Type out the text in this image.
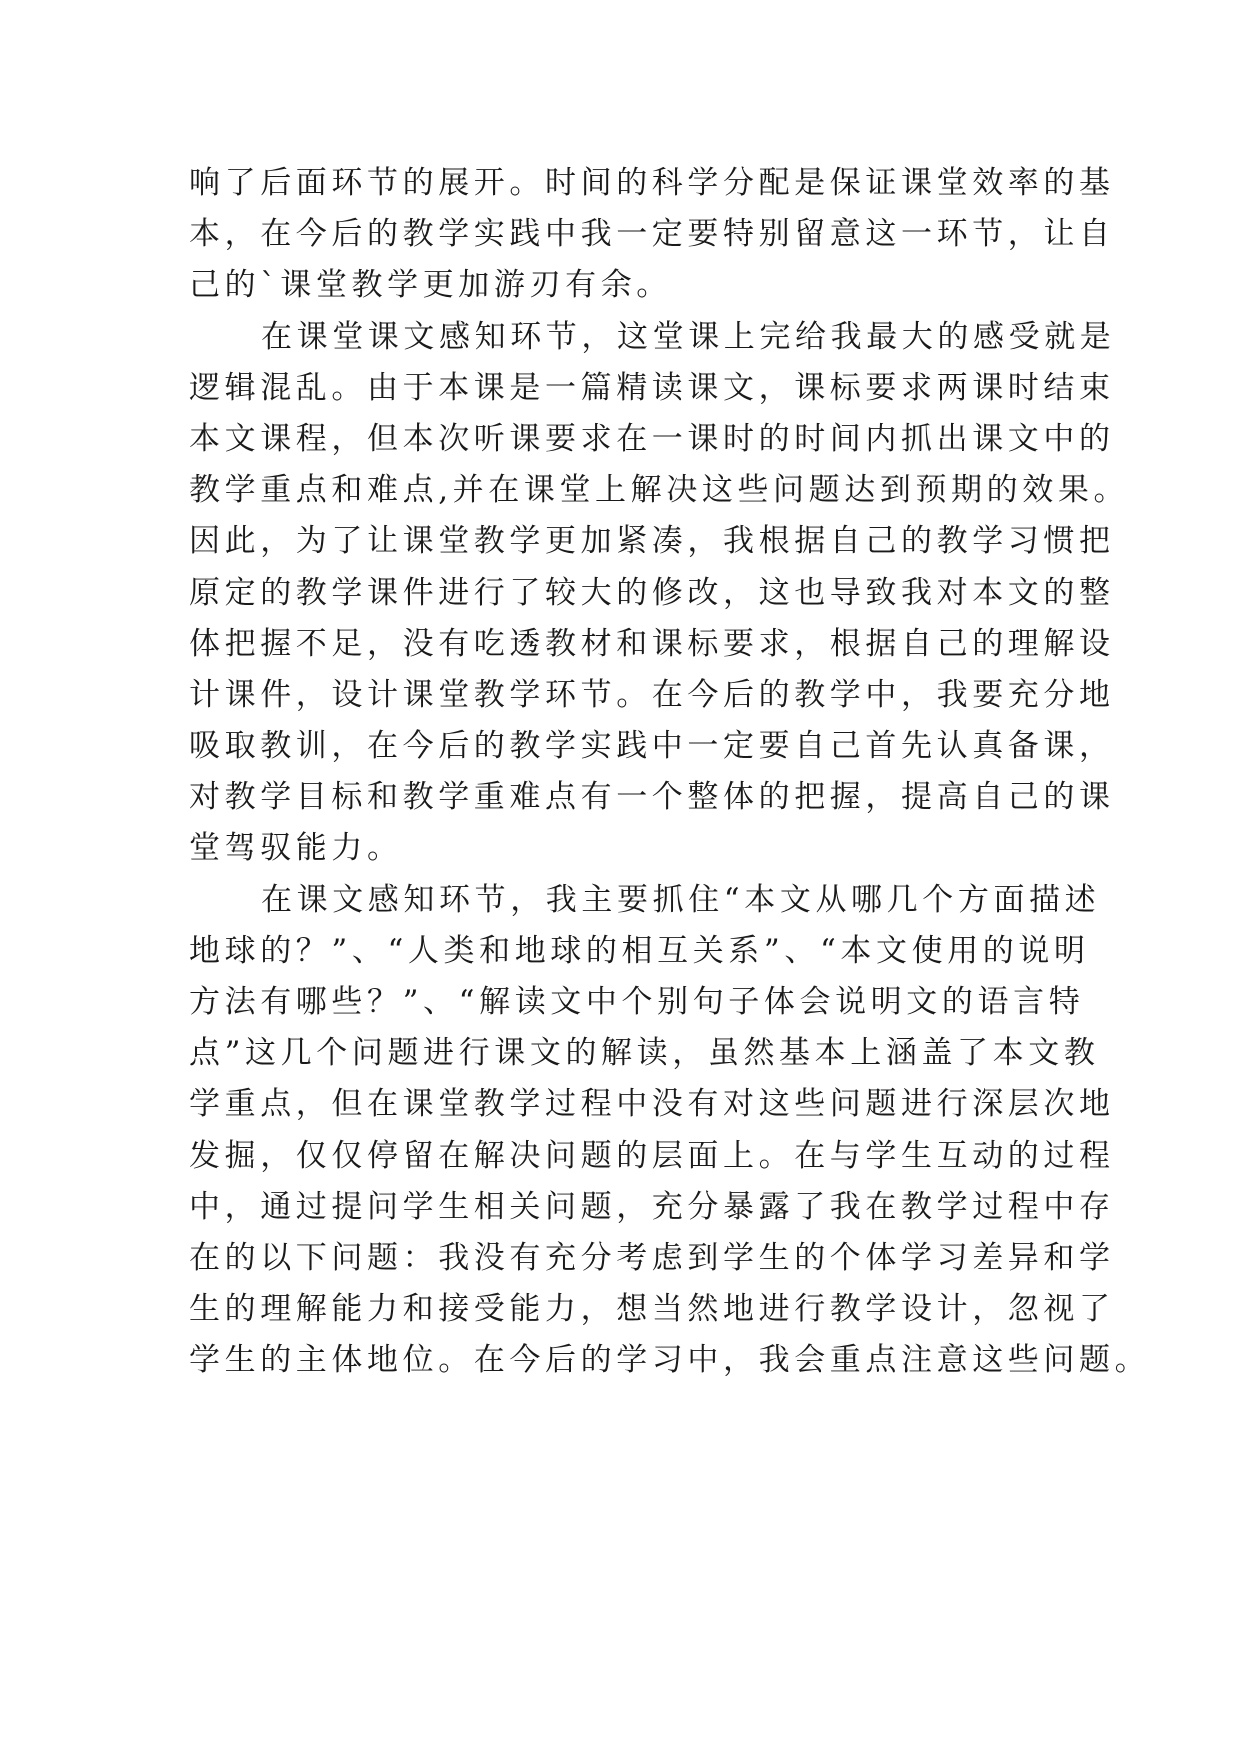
响了后面环节的展开。时间的科学分配是保证课堂效率的基
本，在今后的教学实践中我一定要特别留意这一环节，让自
己的`课堂教学更加游刃有余。
在课堂课文感知环节，这堂课上完给我最大的感受就是
逻辑混乱。由于本课是一篇精读课文，课标要求两课时结束
本文课程，但本次听课要求在一课时的时间内抓出课文中的
教学重点和难点,并在课堂上解决这些问题达到预期的效果。
因此，为了让课堂教学更加紧凑，我根据自己的教学习惯把
原定的教学课件进行了较大的修改，这也导致我对本文的整
体把握不足，没有吃透教材和课标要求，根据自己的理解设
计课件，设计课堂教学环节。在今后的教学中，我要充分地
吸取教训，在今后的教学实践中一定要自己首先认真备课，
对教学目标和教学重难点有一个整体的把握，提高自己的课
堂驾驭能力。
在课文感知环节，我主要抓住“本文从哪几个方面描述
地球的？”、“人类和地球的相互关系”、“本文使用的说明
方法有哪些？”、“解读文中个别句子体会说明文的语言特
点”这几个问题进行课文的解读，虽然基本上涵盖了本文教
学重点，但在课堂教学过程中没有对这些问题进行深层次地
发掘，仅仅停留在解决问题的层面上。在与学生互动的过程
中，通过提问学生相关问题，充分暴露了我在教学过程中存
在的以下问题：我没有充分考虑到学生的个体学习差异和学
生的理解能力和接受能力，想当然地进行教学设计，忽视了
学生的主体地位。在今后的学习中，我会重点注意这些问题。
